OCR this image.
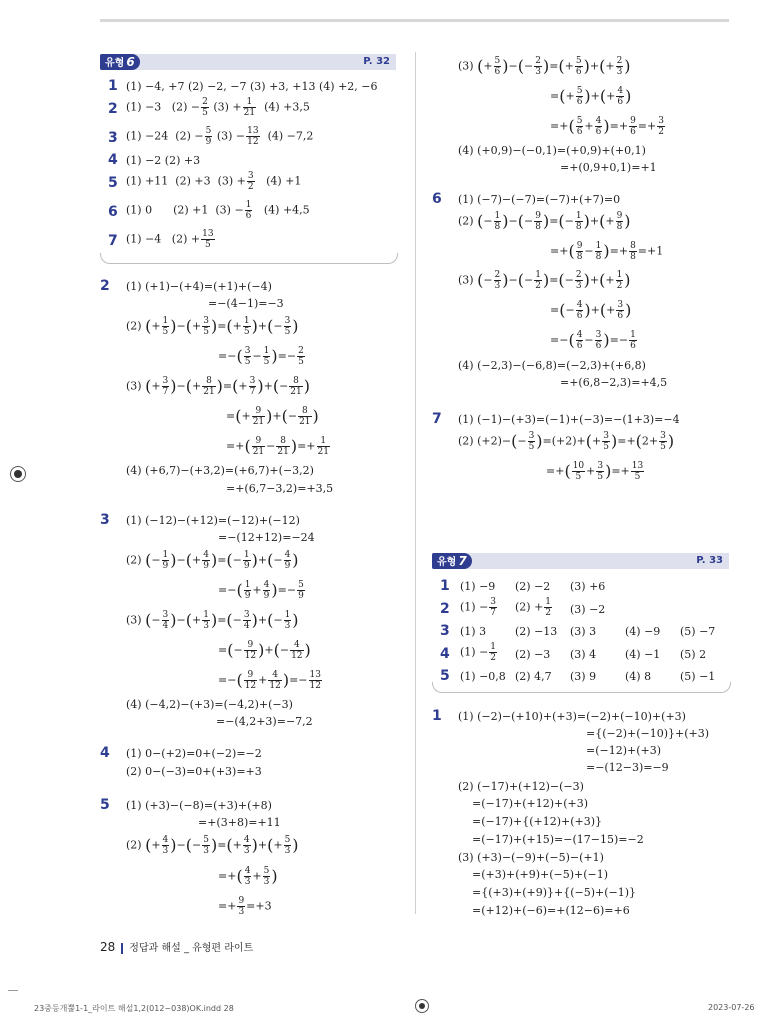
유형 6	P. 32
1 (1) −4, +7 (2) −2, −7 (3) +3, +13 (4) +2, −6
2 (1) −3 $(2) - \frac{2}{5} (3) + \frac{1}{21} (4) +3,5$
3 (1) −24 $(2) - \frac{5}{9} (3) - \frac{13}{12} (4) -7,2$
4 (1) −2 (2) +3
5 (1) +11 (2) +3 $(3) + \frac{3}{2} (4) +1$
6 (1) 0 (2) +1 $(3) - \frac{1}{6} (4) +4,5$
7 (1) −4 $(2) + \frac{13}{5}$
2 (1) (+1)−(+4)=(+1)+(−4)
=−(4−1)=−3
(2) (+ $\frac{1}{5}$ )−(+ $\frac{3}{5}$ )=(+ $\frac{1}{5}$ )+(− $\frac{3}{5}$ )
=−( $\frac{3}{5} - \frac{1}{5}$ )=− $\frac{2}{5}$
(3) (+ $\frac{3}{7}$ )−(+ $\frac{8}{21}$ )=(+ $\frac{3}{7}$ )+(− $\frac{8}{21}$ )
=(+ $\frac{9}{21}$ )+(− $\frac{8}{21}$ )
=+( $\frac{9}{21} - \frac{8}{21}$ )=+ $\frac{1}{21}$
(4) (+6,7)−(+3,2)=(+6,7)+(−3,2)
=+(6,7−3,2)=+3,5
3 (1) (−12)−(+12)=(−12)+(−12)
=−(12+12)=−24
(2) (− $\frac{1}{9}$ )−(+ $\frac{4}{9}$ )=(− $\frac{1}{9}$ )+(− $\frac{4}{9}$ )
=−( $\frac{1}{9} + \frac{4}{9}$ )=− $\frac{5}{9}$
(3) (− $\frac{3}{4}$ )−(+ $\frac{1}{3}$ )=(− $\frac{3}{4}$ )+(− $\frac{1}{3}$ )
=(− $\frac{9}{12}$ )+(− $\frac{4}{12}$ )
=−( $\frac{9}{12} + \frac{4}{12}$ )=− $\frac{13}{12}$
(4) (−4,2)−(+3)=(−4,2)+(−3)
=−(4,2+3)=−7,2
4 (1) 0−(+2)=0+(−2)=−2
(2) 0−(−3)=0+(+3)=+3
5 (1) (+3)−(−8)=(+3)+(+8)
=+(3+8)=+11
(2) (+ $\frac{4}{3}$ )−(− $\frac{5}{3}$ )=(+ $\frac{4}{3}$ )+(+ $\frac{5}{3}$ )
=+( $\frac{4}{3} + \frac{5}{3}$ )
=+ $\frac{9}{3} =+3$
(3) (+ $\frac{5}{6}$ )−(− $\frac{2}{3}$ )=(+ $\frac{5}{6}$ )+(+ $\frac{2}{3}$ )
=(+ $\frac{5}{6}$ )+(+ $\frac{4}{6}$ )
=+( $\frac{5}{6} + \frac{4}{6}$ )=+ $\frac{9}{6} =+ \frac{3}{2}$
(4) (+0,9)−(−0,1)=(+0,9)+(+0,1)
=+(0,9+0,1)=+1
6 (1) (−7)−(−7)=(−7)+(+7)=0
(2) (− $\frac{1}{8}$ )−(− $\frac{9}{8}$ )=(− $\frac{1}{8}$ )+(+ $\frac{9}{8}$ )
=+( $\frac{9}{8} - \frac{1}{8}$ )=+ $\frac{8}{8} =+1$
(3) (− $\frac{2}{3}$ )−(− $\frac{1}{2}$ )=(− $\frac{2}{3}$ )+(+ $\frac{1}{2}$ )
=(− $\frac{4}{6}$ )+(+ $\frac{3}{6}$ )
=−( $\frac{4}{6} - \frac{3}{6}$ )=− $\frac{1}{6}$
(4) (−2,3)−(−6,8)=(−2,3)+(+6,8)
=+(6,8−2,3)=+4,5
7 (1) (−1)−(+3)=(−1)+(−3)=−(1+3)=−4
(2) $(+2)-(- \frac{3}{5} )=(+2)+(+ \frac{3}{5} )=+(2+ \frac{3}{5}$ )
=+( $\frac{10}{5} + \frac{3}{5}$ )=+ $\frac{13}{5}$
유형 7	P. 33
1 (1) −9 (2) −2 (3) +6
2 $(1) - \frac{3}{7} (2) + \frac{1}{2} (3) -2$
3 (1) 3	(2) −13 (3) 3	(4) −9 (5) −7
4 $(1) - \frac{1}{2} (2) -3$ (3) 4	(4) −1 (5) 2
5 (1) −0,8 (2) 4,7 (3) 9	(4) 8	(5) −1
1 (1) (−2)−(+10)+(+3)=(−2)+(−10)+(+3)
={(−2)+(−10)}+(+3)
=(−12)+(+3)
=−(12−3)=−9
(2) (−17)+(+12)−(−3)
=(−17)+(+12)+(+3)
=(−17)+{(+12)+(+3)}
=(−17)+(+15)=−(17−15)=−2
(3) (+3)−(−9)+(−5)−(+1)
=(+3)+(+9)+(−5)+(−1)
={(+3)+(+9)}+{(−5)+(−1)}
=(+12)+(−6)=+(12−6)=+6
28 정답과 해설 _ 유형편 라이트
23중등개뿔1-1_라이트 해설1,2(012~038)OK.indd 28	2023-07-26
